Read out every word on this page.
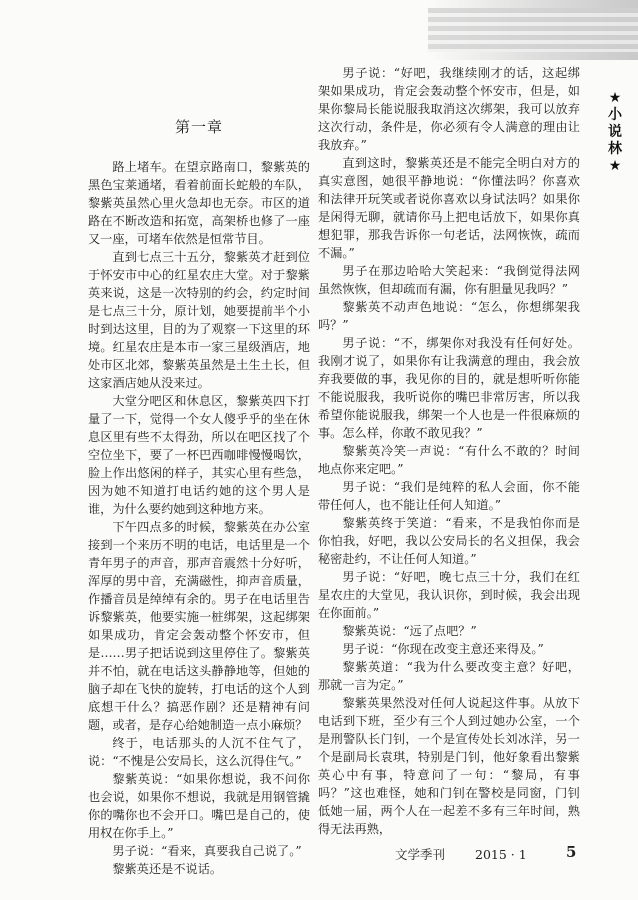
★
小
说
林
★
第一章

路上堵车。在望京路南口，黎紫英的黑色宝莱通堵，看着前面长蛇般的车队，黎紫英虽然心里火急却也无奈。市区的道路在不断改造和拓宽，高架桥也修了一座又一座，可堵车依然是恒常节目。

直到七点三十五分，黎紫英才赶到位于怀安市中心的红星农庄大堂。对于黎紫英来说，这是一次特别的约会，约定时间是七点三十分，原计划，她要提前半个小时到达这里，目的为了观察一下这里的环境。红星农庄是本市一家三星级酒店，地处市区北郊，黎紫英虽然是土生土长，但这家酒店她从没来过。

大堂分吧区和休息区，黎紫英四下打量了一下，觉得一个女人傻乎乎的坐在休息区里有些不太得劲，所以在吧区找了个空位坐下，要了一杯巴西咖啡慢慢喝饮，脸上作出悠闲的样子，其实心里有些急，因为她不知道打电话约她的这个男人是谁，为什么要约她到这种地方来。

下午四点多的时候，黎紫英在办公室接到一个来历不明的电话，电话里是一个青年男子的声音，那声音震然十分好听，浑厚的男中音，充满磁性，抑声音质量，作播音员是绰绰有余的。男子在电话里告诉黎紫英，他要实施一桩绑架，这起绑架如果成功，肯定会轰动整个怀安市，但是……男子把话说到这里停住了。黎紫英并不怕，就在电话这头静静地等，但她的脑子却在飞快的旋转，打电话的这个人到底想干什么？搞恶作剧？还是精神有问题，或者，是存心给她制造一点小麻烦？

终于，电话那头的人沉不住气了，说：“不愧是公安局长，这么沉得住气。”

黎紫英说：“如果你想说，我不问你也会说，如果你不想说，我就是用钢管撬你的嘴你也不会开口。嘴巴是自己的，使用权在你手上。”

男子说：“看来，真要我自己说了。”

黎紫英还是不说话。

男子说：“好吧，我继续刚才的话，这起绑架如果成功，肯定会轰动整个怀安市，但是，如果你黎局长能说服我取消这次绑架，我可以放弃这次行动，条件是，你必须有令人满意的理由让我放弃。”

直到这时，黎紫英还是不能完全明白对方的真实意图，她很平静地说：“你懂法吗？你喜欢和法律开玩笑或者说你喜欢以身试法吗？如果你是闲得无聊，就请你马上把电话放下，如果你真想犯罪，那我告诉你一句老话，法网恢恢，疏而不漏。”

男子在那边哈哈大笑起来：“我倒觉得法网虽然恢恢，但却疏而有漏，你有胆量见我吗？”

黎紫英不动声色地说：“怎么，你想绑架我吗？”

男子说：“不，绑架你对我没有任何好处。我刚才说了，如果你有让我满意的理由，我会放弃我要做的事，我见你的目的，就是想听听你能不能说服我，我听说你的嘴巴非常厉害，所以我希望你能说服我，绑架一个人也是一件很麻烦的事。怎么样，你敢不敢见我？”

黎紫英冷笑一声说：“有什么不敢的？时间地点你来定吧。”

男子说：“我们是纯粹的私人会面，你不能带任何人，也不能让任何人知道。”

黎紫英终于笑道：“看来，不是我怕你而是你怕我，好吧，我以公安局长的名义担保，我会秘密赴约，不让任何人知道。”

男子说：“好吧，晚七点三十分，我们在红星农庄的大堂见，我认识你，到时候，我会出现在你面前。”

黎紫英说：“远了点吧？”

男子说：“你现在改变主意还来得及。”

黎紫英道：“我为什么要改变主意？好吧，那就一言为定。”

黎紫英果然没对任何人说起这件事。从放下电话到下班，至少有三个人到过她办公室，一个是刑警队长门钊，一个是宣传处长刘冰洋，另一个是副局长袁琪，特别是门钊，他好象看出黎紫英心中有事，特意问了一句：“黎局，有事吗？”这也难怪，她和门钊在警校是同窗，门钊低她一届，两个人在一起差不多有三年时间，熟得无法再熟，

文学季刊 2015 · 1	5
